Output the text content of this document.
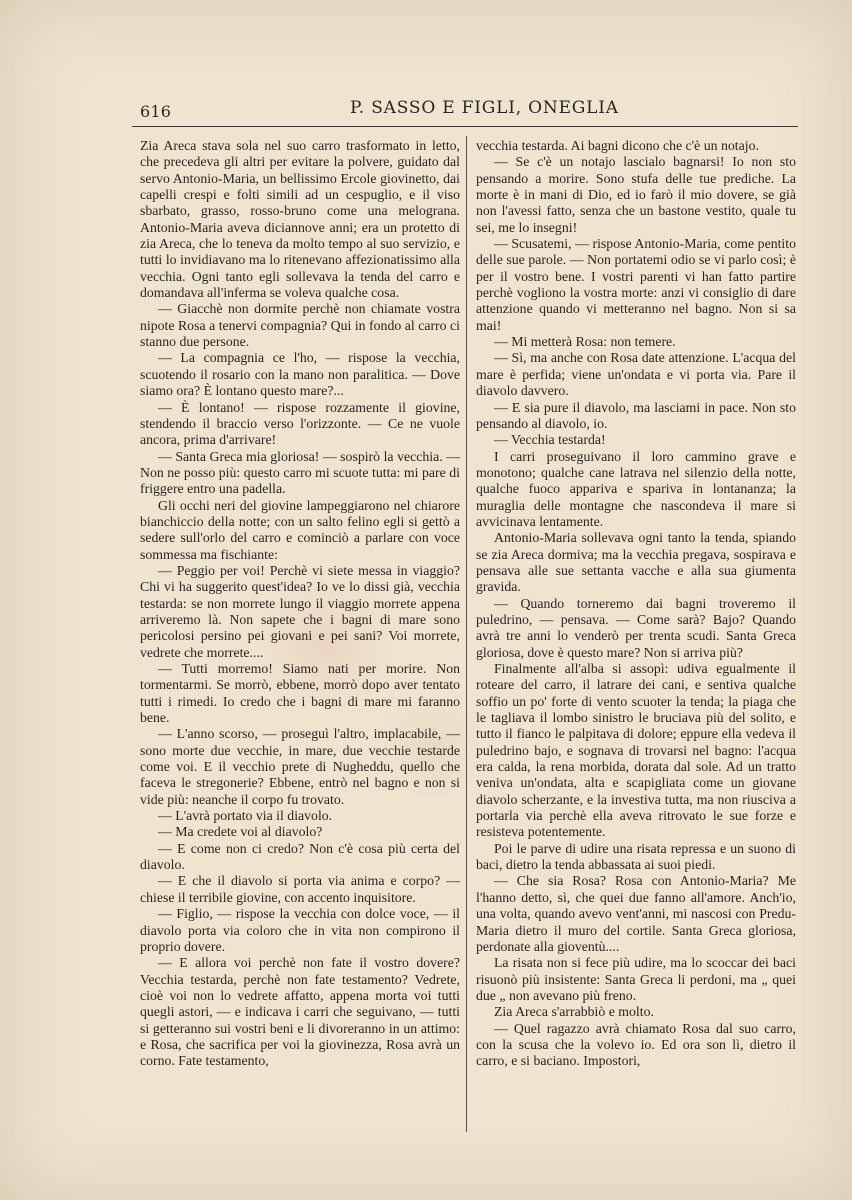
616	P. SASSO E FIGLI, ONEGLIA

Zia Areca stava sola nel suo carro trasformato in letto, che precedeva gli altri per evitare la polvere, guidato dal servo Antonio-Maria, un bellissimo Ercole giovinetto, dai capelli crespi e folti simili ad un cespuglio, e il viso sbarbato, grasso, rosso-bruno come una melograna. Antonio-Maria aveva diciannove anni; era un protetto di zia Areca, che lo teneva da molto tempo al suo servizio, e tutti lo invidiavano ma lo ritenevano affezionatissimo alla vecchia. Ogni tanto egli sollevava la tenda del carro e domandava all'inferma se voleva qualche cosa.

— Giacchè non dormite perchè non chiamate vostra nipote Rosa a tenervi compagnia? Qui in fondo al carro ci stanno due persone.

— La compagnia ce l'ho, — rispose la vecchia, scuotendo il rosario con la mano non paralitica. — Dove siamo ora? È lontano questo mare?...

— È lontano! — rispose rozzamente il giovine, stendendo il braccio verso l'orizzonte. — Ce ne vuole ancora, prima d'arrivare!

— Santa Greca mia gloriosa! — sospirò la vecchia. — Non ne posso più: questo carro mi scuote tutta: mi pare di friggere entro una padella.

Gli occhi neri del giovine lampeggiarono nel chiarore bianchiccio della notte; con un salto felino egli si gettò a sedere sull'orlo del carro e cominciò a parlare con voce sommessa ma fischiante:

— Peggio per voi! Perchè vi siete messa in viaggio? Chi vi ha suggerito quest'idea? Io ve lo dissi già, vecchia testarda: se non morrete lungo il viaggio morrete appena arriveremo là. Non sapete che i bagni di mare sono pericolosi persino pei giovani e pei sani? Voi morrete, vedrete che morrete....

— Tutti morremo! Siamo nati per morire. Non tormentarmi. Se morrò, ebbene, morrò dopo aver tentato tutti i rimedi. Io credo che i bagni di mare mi faranno bene.

— L'anno scorso, — proseguì l'altro, implacabile, — sono morte due vecchie, in mare, due vecchie testarde come voi. E il vecchio prete di Nugheddu, quello che faceva le stregonerie? Ebbene, entrò nel bagno e non si vide più: neanche il corpo fu trovato.

— L'avrà portato via il diavolo.

— Ma credete voi al diavolo?

— E come non ci credo? Non c'è cosa più certa del diavolo.

— E che il diavolo si porta via anima e corpo? — chiese il terribile giovine, con accento inquisitore.

— Figlio, — rispose la vecchia con dolce voce, — il diavolo porta via coloro che in vita non compirono il proprio dovere.

— E allora voi perchè non fate il vostro dovere? Vecchia testarda, perchè non fate testamento? Vedrete, cioè voi non lo vedrete affatto, appena morta voi tutti quegli astori, — e indicava i carri che seguivano, — tutti si getteranno sui vostri beni e li divoreranno in un attimo: e Rosa, che sacrifica per voi la giovinezza, Rosa avrà un corno. Fate testamento,

vecchia testarda. Ai bagni dicono che c'è un notajo.

— Se c'è un notajo lascialo bagnarsi! Io non sto pensando a morire. Sono stufa delle tue prediche. La morte è in mani di Dio, ed io farò il mio dovere, se già non l'avessi fatto, senza che un bastone vestito, quale tu sei, me lo insegni!

— Scusatemi, — rispose Antonio-Maria, come pentito delle sue parole. — Non portatemi odio se vi parlo così; è per il vostro bene. I vostri parenti vi han fatto partire perchè vogliono la vostra morte: anzi vi consiglio di dare attenzione quando vi metteranno nel bagno. Non si sa mai!

— Mi metterà Rosa: non temere.

— Sì, ma anche con Rosa date attenzione. L'acqua del mare è perfida; viene un'ondata e vi porta via. Pare il diavolo davvero.

— E sia pure il diavolo, ma lasciami in pace. Non sto pensando al diavolo, io.

— Vecchia testarda!

I carri proseguivano il loro cammino grave e monotono; qualche cane latrava nel silenzio della notte, qualche fuoco appariva e spariva in lontananza; la muraglia delle montagne che nascondeva il mare si avvicinava lentamente.

Antonio-Maria sollevava ogni tanto la tenda, spiando se zia Areca dormiva; ma la vecchia pregava, sospirava e pensava alle sue settanta vacche e alla sua giumenta gravida.

— Quando torneremo dai bagni troveremo il puledrino, — pensava. — Come sarà? Bajo? Quando avrà tre anni lo venderò per trenta scudi. Santa Greca gloriosa, dove è questo mare? Non si arriva più?

Finalmente all'alba si assopì: udiva egualmente il roteare del carro, il latrare dei cani, e sentiva qualche soffio un po' forte di vento scuoter la tenda; la piaga che le tagliava il lombo sinistro le bruciava più del solito, e tutto il fianco le palpitava di dolore; eppure ella vedeva il puledrino bajo, e sognava di trovarsi nel bagno: l'acqua era calda, la rena morbida, dorata dal sole. Ad un tratto veniva un'ondata, alta e scapigliata come un giovane diavolo scherzante, e la investiva tutta, ma non riusciva a portarla via perchè ella aveva ritrovato le sue forze e resisteva potentemente.

Poi le parve di udire una risata repressa e un suono di baci, dietro la tenda abbassata ai suoi piedi.

— Che sia Rosa? Rosa con Antonio-Maria? Me l'hanno detto, sì, che quei due fanno all'amore. Anch'io, una volta, quando avevo vent'anni, mi nascosi con Predu-Maria dietro il muro del cortile. Santa Greca gloriosa, perdonate alla gioventù....

La risata non si fece più udire, ma lo scoccar dei baci risuonò più insistente: Santa Greca li perdoni, ma „ quei due „ non avevano più freno.

Zia Areca s'arrabbiò e molto.

— Quel ragazzo avrà chiamato Rosa dal suo carro, con la scusa che la volevo io. Ed ora son lì, dietro il carro, e si baciano. Impostori,
